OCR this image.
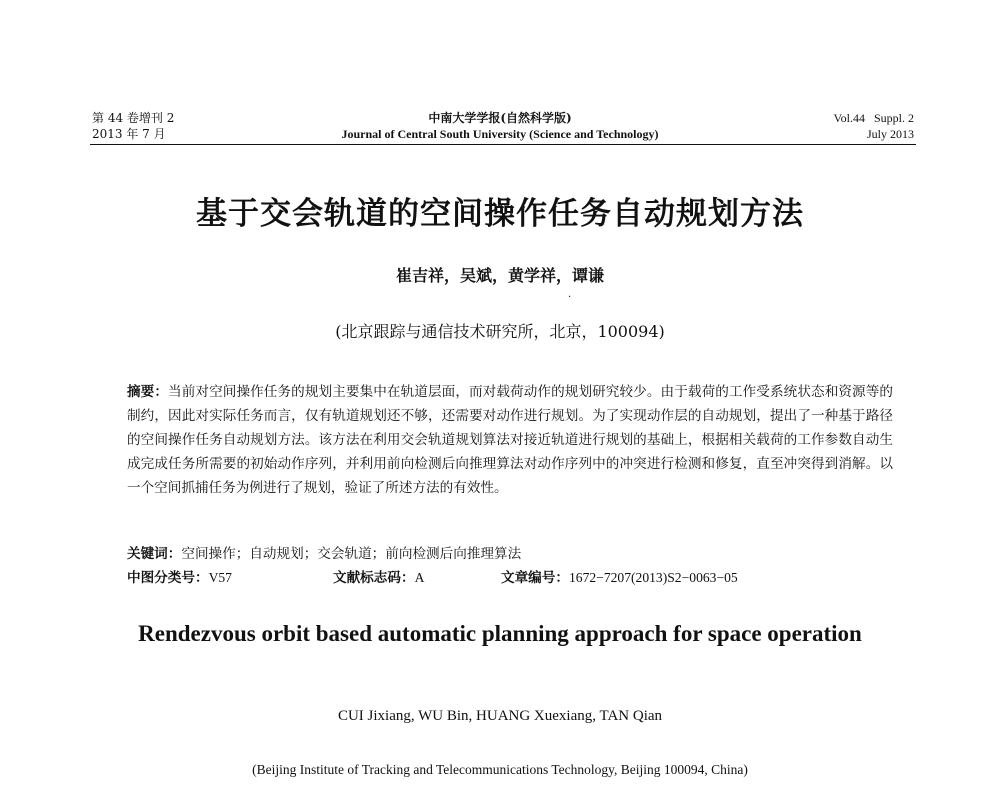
第 44 卷增刊 2
2013 年 7 月
中南大学学报(自然科学版)
Journal of Central South University (Science and Technology)
Vol.44   Suppl. 2
July 2013
基于交会轨道的空间操作任务自动规划方法
崔吉祥，吴斌，黄学祥，谭谦
·
(北京跟踪与通信技术研究所，北京，100094)
摘要：当前对空间操作任务的规划主要集中在轨道层面，而对载荷动作的规划研究较少。由于载荷的工作受系统状态和资源等的制约，因此对实际任务而言，仅有轨道规划还不够，还需要对动作进行规划。为了实现动作层的自动规划，提出了一种基于路径的空间操作任务自动规划方法。该方法在利用交会轨道规划算法对接近轨道进行规划的基础上，根据相关载荷的工作参数自动生成完成任务所需要的初始动作序列，并利用前向检测后向推理算法对动作序列中的冲突进行检测和修复，直至冲突得到消解。以一个空间抓捕任务为例进行了规划，验证了所述方法的有效性。
关键词：空间操作；自动规划；交会轨道；前向检测后向推理算法
中图分类号：V57	文献标志码：A	文章编号：1672−7207(2013)S2−0063−05
Rendezvous orbit based automatic planning approach for space operation
CUI Jixiang, WU Bin, HUANG Xuexiang, TAN Qian
(Beijing Institute of Tracking and Telecommunications Technology, Beijing 100094, China)
